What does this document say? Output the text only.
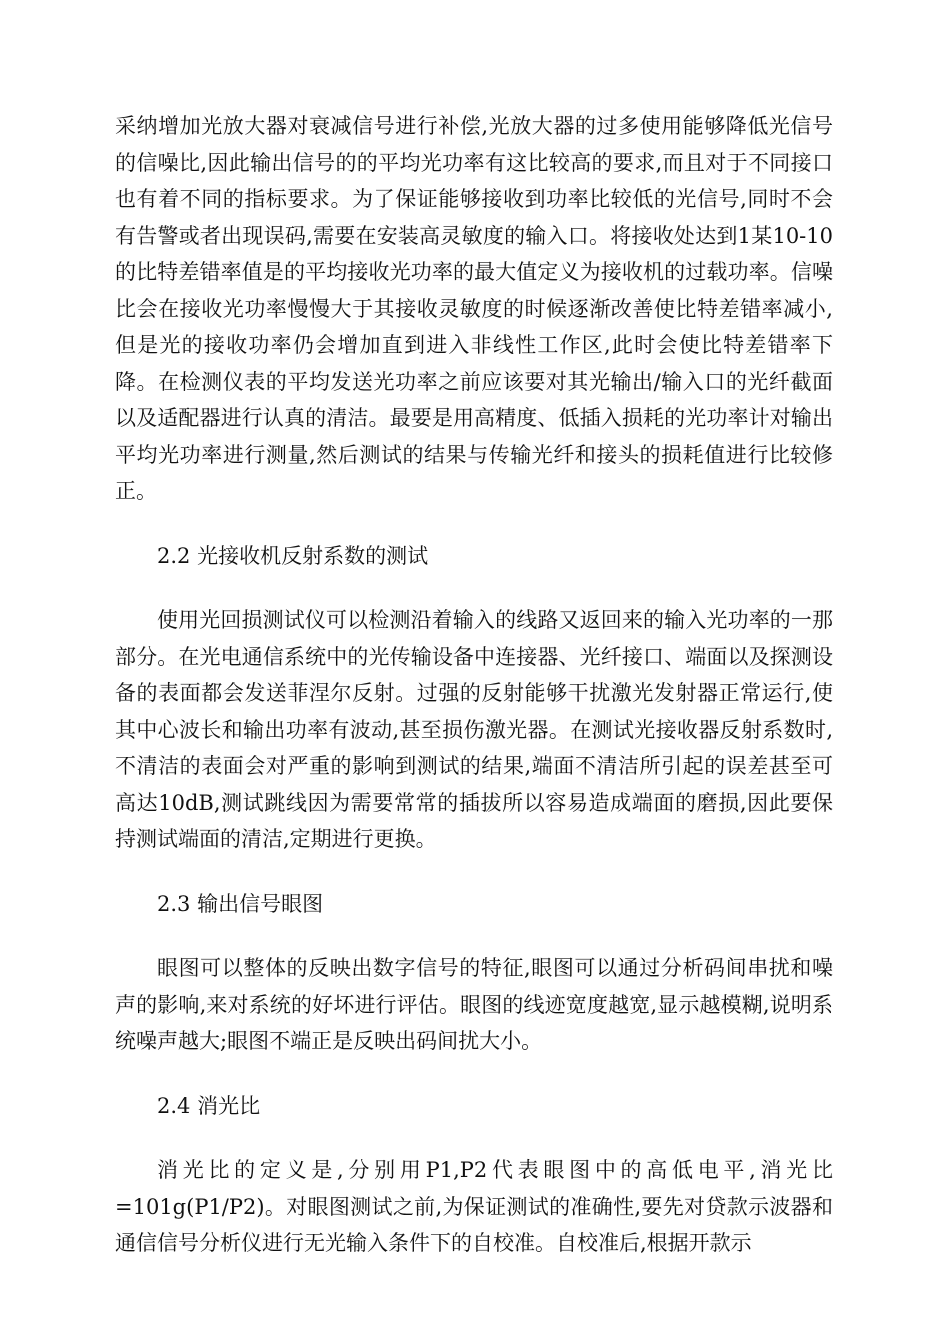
采纳增加光放大器对衰减信号进行补偿,光放大器的过多使用能够降低光信号的信噪比,因此输出信号的的平均光功率有这比较高的要求,而且对于不同接口也有着不同的指标要求。为了保证能够接收到功率比较低的光信号,同时不会有告警或者出现误码,需要在安装高灵敏度的输入口。将接收处达到1某10-10的比特差错率值是的平均接收光功率的最大值定义为接收机的过载功率。信噪比会在接收光功率慢慢大于其接收灵敏度的时候逐渐改善使比特差错率减小,但是光的接收功率仍会增加直到进入非线性工作区,此时会使比特差错率下降。在检测仪表的平均发送光功率之前应该要对其光输出/输入口的光纤截面以及适配器进行认真的清洁。最要是用高精度、低插入损耗的光功率计对输出平均光功率进行测量,然后测试的结果与传输光纤和接头的损耗值进行比较修正。

2.2 光接收机反射系数的测试

使用光回损测试仪可以检测沿着输入的线路又返回来的输入光功率的一那部分。在光电通信系统中的光传输设备中连接器、光纤接口、端面以及探测设备的表面都会发送菲涅尔反射。过强的反射能够干扰激光发射器正常运行,使其中心波长和输出功率有波动,甚至损伤激光器。在测试光接收器反射系数时,不清洁的表面会对严重的影响到测试的结果,端面不清洁所引起的误差甚至可高达10dB,测试跳线因为需要常常的插拔所以容易造成端面的磨损,因此要保持测试端面的清洁,定期进行更换。

2.3 输出信号眼图

眼图可以整体的反映出数字信号的特征,眼图可以通过分析码间串扰和噪声的影响,来对系统的好坏进行评估。眼图的线迹宽度越宽,显示越模糊,说明系统噪声越大;眼图不端正是反映出码间扰大小。

2.4 消光比

消光比的定义是,分别用P1,P2代表眼图中的高低电平,消光比=101g(P1/P2)。对眼图测试之前,为保证测试的准确性,要先对贷款示波器和通信信号分析仪进行无光输入条件下的自校准。自校准后,根据开款示
